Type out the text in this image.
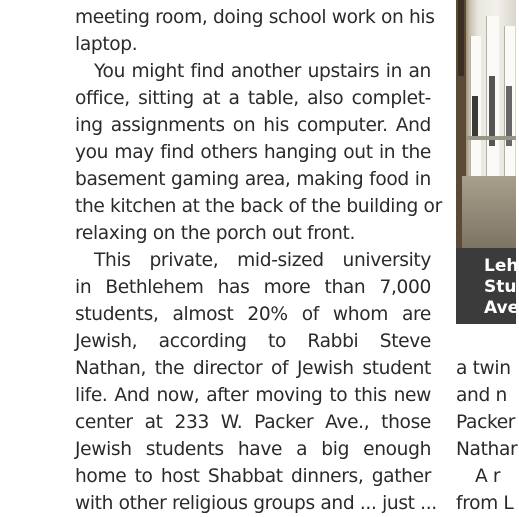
meeting room, doing school work on his
laptop.
You might find another upstairs in an
office, sitting at a table, also complet-
ing assignments on his computer. And
you may find others hanging out in the
basement gaming area, making food in
the kitchen at the back of the building or
relaxing on the porch out front.
This private, mid-sized university
in Bethlehem has more than 7,000
students, almost 20% of whom are
Jewish, according to Rabbi Steve
Nathan, the director of Jewish student
life. And now, after moving to this new
center at 233 W. Packer Ave., those
Jewish students have a big enough
home to host Shabbat dinners, gather
with other religious groups and ... just ...
Leh
Stu
Ave
a twin
and n
Packer
Nathar
A r
from L
